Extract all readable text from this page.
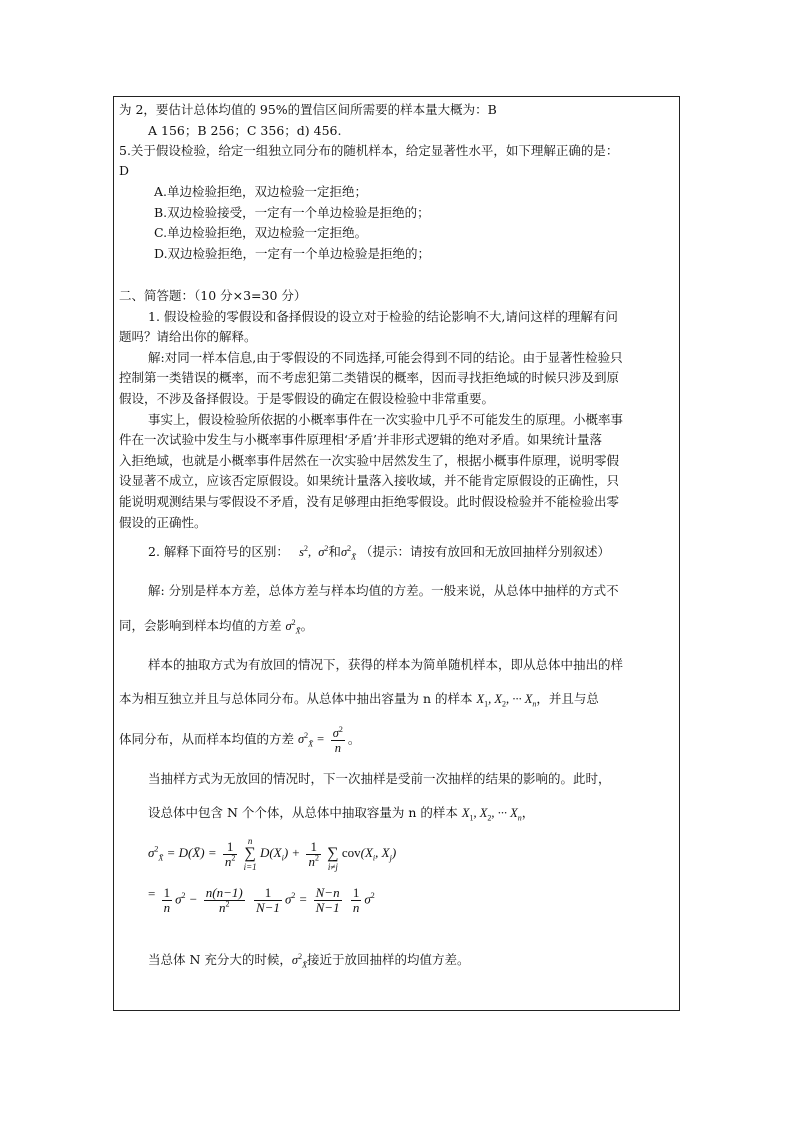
为 2，要估计总体均值的 95%的置信区间所需要的样本量大概为：B
A 156；B 256；C 356；d) 456.
5.关于假设检验，给定一组独立同分布的随机样本，给定显著性水平，如下理解正确的是：
D
A.单边检验拒绝，双边检验一定拒绝；
B.双边检验接受，一定有一个单边检验是拒绝的；
C.单边检验拒绝，双边检验一定拒绝。
D.双边检验拒绝，一定有一个单边检验是拒绝的；
二、简答题：（10 分×3=30 分）
1. 假设检验的零假设和备择假设的设立对于检验的结论影响不大,请问这样的理解有问
题吗？请给出你的解释。
解:对同一样本信息,由于零假设的不同选择,可能会得到不同的结论。由于显著性检验只
控制第一类错误的概率，而不考虑犯第二类错误的概率，因而寻找拒绝域的时候只涉及到原
假设，不涉及备择假设。于是零假设的确定在假设检验中非常重要。
事实上，假设检验所依据的小概率事件在一次实验中几乎不可能发生的原理。小概率事
件在一次试验中发生与小概率事件原理相‘矛盾’并非形式逻辑的绝对矛盾。如果统计量落
入拒绝域，也就是小概率事件居然在一次实验中居然发生了，根据小概事件原理，说明零假
设显著不成立，应该否定原假设。如果统计量落入接收域，并不能肯定原假设的正确性，只
能说明观测结果与零假设不矛盾，没有足够理由拒绝零假设。此时假设检验并不能检验出零
假设的正确性。
2. 解释下面符号的区别：   $s^2$,  $\sigma^2$和$\sigma^2_{X̄}$ （提示：请按有放回和无放回抽样分别叙述）
解: 分别是样本方差，总体方差与样本均值的方差。一般来说，从总体中抽样的方式不
同，会影响到样本均值的方差 $\sigma^2_{X̄}$。
样本的抽取方式为有放回的情况下，获得的样本为简单随机样本，即从总体中抽出的样
本为相互独立并且与总体同分布。从总体中抽出容量为 n 的样本 $X_1$, $X_2$, ··· $X_n$，并且与总
体同分布，从而样本均值的方差 $\sigma^2_{X̄} = \frac{\sigma^2}{n}$ 。
当抽样方式为无放回的情况时，下一次抽样是受前一次抽样的结果的影响的。此时，
设总体中包含 N 个个体，从总体中抽取容量为 n 的样本 $X_1$, $X_2$, ··· $X_n$，
$\sigma^2_{X̄}$ = D(X̄) = $\frac{1}{n^2}$
	n
∑
i=1
$D(X_i) + \frac{1}{n^2}$

∑
i≠j
$cov(X_i$, $X_j$)
= $\frac{1}{n} \sigma^2 - \frac{n(n-1)}{n^2}$
$\frac{1}{N-1} \sigma^2 = \frac{N-n}{N-1}$
$\frac{1}{n} \sigma^2$
当总体 N 充分大的时候，$\sigma^2_{X̄}$接近于放回抽样的均值方差。
